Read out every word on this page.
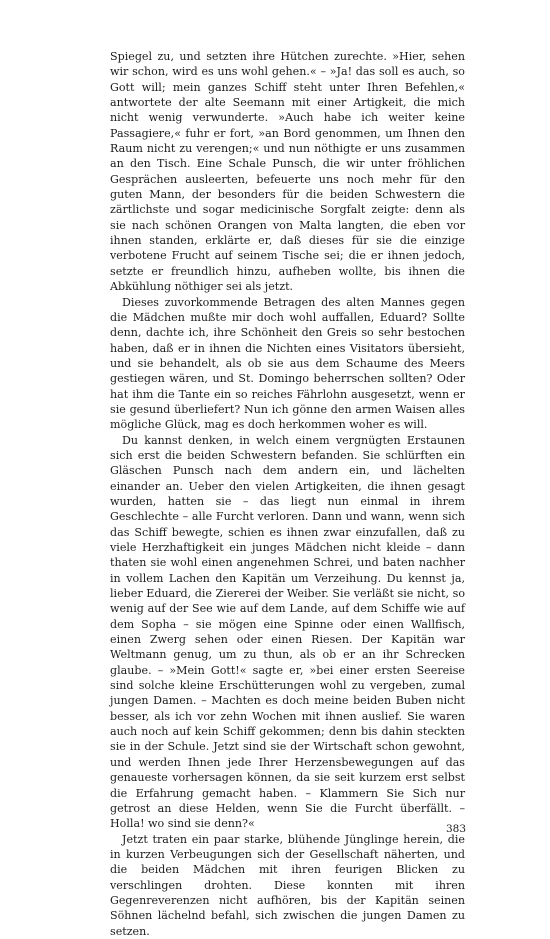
Spiegel zu, und setzten ihre Hütchen zurechte. »Hier, sehen wir schon, wird es uns wohl gehen.« – »Ja! das soll es auch, so Gott will; mein ganzes Schiff steht unter Ihren Befehlen,« antwortete der alte Seemann mit einer Artigkeit, die mich nicht wenig verwunderte. »Auch habe ich weiter keine Passagiere,« fuhr er fort, »an Bord genommen, um Ihnen den Raum nicht zu verengen;« und nun nöthigte er uns zusammen an den Tisch. Eine Schale Punsch, die wir unter fröhlichen Gesprächen ausleerten, befeuerte uns noch mehr für den guten Mann, der besonders für die beiden Schwestern die zärtlichste und sogar medicinische Sorgfalt zeigte: denn als sie nach schönen Orangen von Malta langten, die eben vor ihnen standen, erklärte er, daß dieses für sie die einzige verbotene Frucht auf seinem Tische sei; die er ihnen jedoch, setzte er freundlich hinzu, aufheben wollte, bis ihnen die Abkühlung nöthiger sei als jetzt.

Dieses zuvorkommende Betragen des alten Mannes gegen die Mädchen mußte mir doch wohl auffallen, Eduard? Sollte denn, dachte ich, ihre Schönheit den Greis so sehr bestochen haben, daß er in ihnen die Nichten eines Visitators übersieht, und sie behandelt, als ob sie aus dem Schaume des Meers gestiegen wären, und St. Domingo beherrschen sollten? Oder hat ihm die Tante ein so reiches Fährlohn ausgesetzt, wenn er sie gesund überliefert? Nun ich gönne den armen Waisen alles mögliche Glück, mag es doch herkommen woher es will.

Du kannst denken, in welch einem vergnügten Erstaunen sich erst die beiden Schwestern befanden. Sie schlürften ein Gläschen Punsch nach dem andern ein, und lächelten einander an. Ueber den vielen Artigkeiten, die ihnen gesagt wurden, hatten sie – das liegt nun einmal in ihrem Geschlechte – alle Furcht verloren. Dann und wann, wenn sich das Schiff bewegte, schien es ihnen zwar einzufallen, daß zu viele Herzhaftigkeit ein junges Mädchen nicht kleide – dann thaten sie wohl einen angenehmen Schrei, und baten nachher in vollem Lachen den Kapitän um Verzeihung. Du kennst ja, lieber Eduard, die Ziererei der Weiber. Sie verläßt sie nicht, so wenig auf der See wie auf dem Lande, auf dem Schiffe wie auf dem Sopha – sie mögen eine Spinne oder einen Wallfisch, einen Zwerg sehen oder einen Riesen. Der Kapitän war Weltmann genug, um zu thun, als ob er an ihr Schrecken glaube. – »Mein Gott!« sagte er, »bei einer ersten Seereise sind solche kleine Erschütterungen wohl zu vergeben, zumal jungen Damen. – Machten es doch meine beiden Buben nicht besser, als ich vor zehn Wochen mit ihnen auslief. Sie waren auch noch auf kein Schiff gekommen; denn bis dahin steckten sie in der Schule. Jetzt sind sie der Wirtschaft schon gewohnt, und werden Ihnen jede Ihrer Herzensbewegungen auf das genaueste vorhersagen können, da sie seit kurzem erst selbst die Erfahrung gemacht haben. – Klammern Sie Sich nur getrost an diese Helden, wenn Sie die Furcht überfällt. – Holla! wo sind sie denn?«

Jetzt traten ein paar starke, blühende Jünglinge herein, die in kurzen Verbeugungen sich der Gesellschaft näherten, und die beiden Mädchen mit ihren feurigen Blicken zu verschlingen drohten. Diese konnten mit ihren Gegenreverenzen nicht aufhören, bis der Kapitän seinen Söhnen lächelnd befahl, sich zwischen die jungen Damen zu setzen.

383
